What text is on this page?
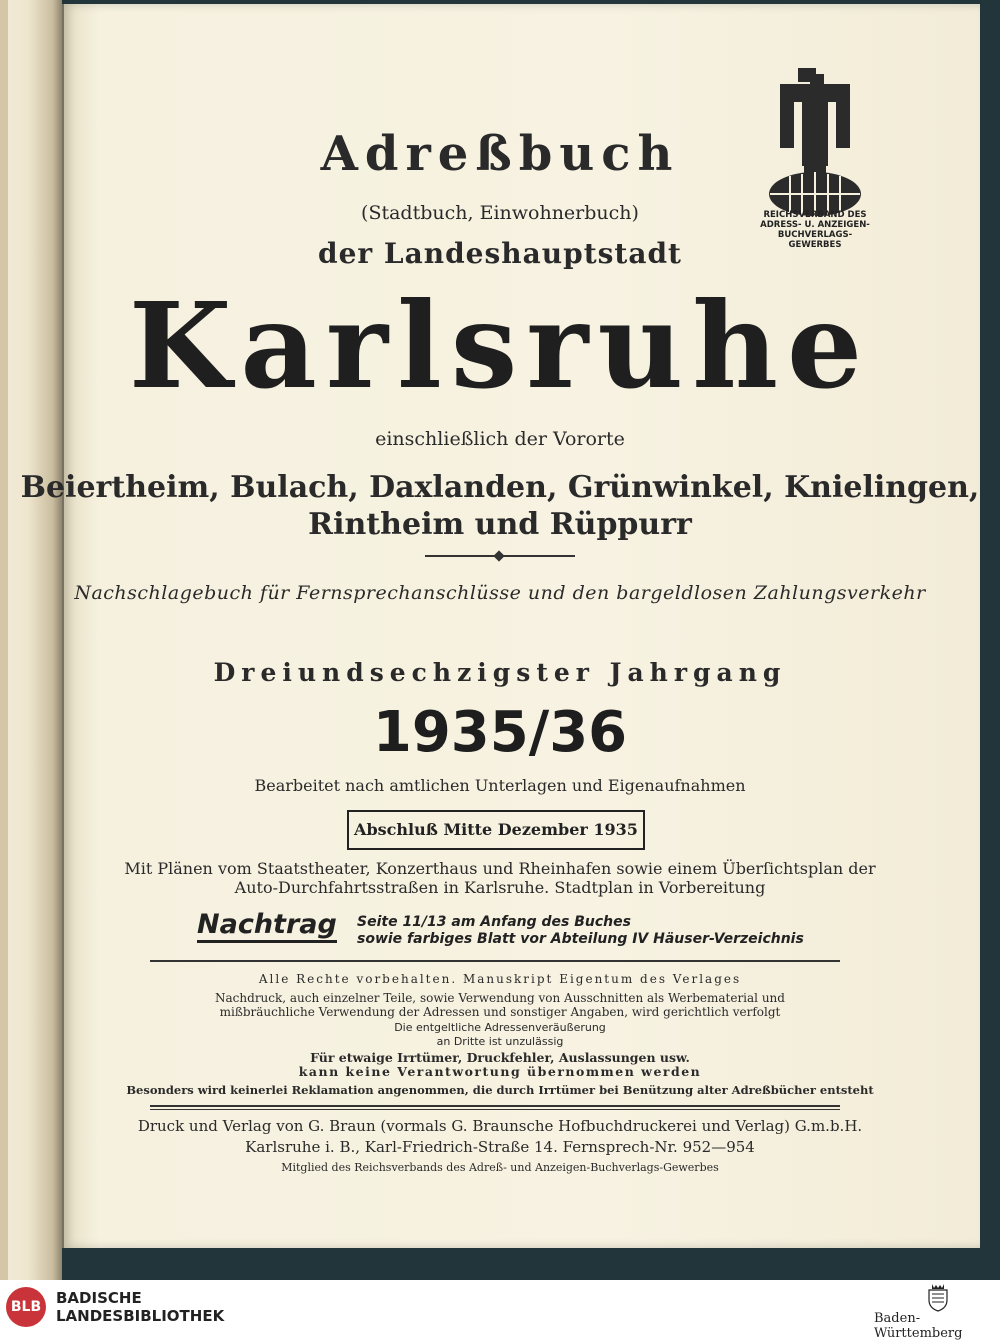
REICHSVERBAND DES
ADRESS- U. ANZEIGEN-
BUCHVERLAGS-
GEWERBES
Adreßbuch
(Stadtbuch, Einwohnerbuch)
der Landeshauptstadt
Karlsruhe
einschließlich der Vororte
Beiertheim, Bulach, Daxlanden, Grünwinkel, Knielingen,
Rintheim und Rüppurr
Nachschlagebuch für Fernsprechanschlüsse und den bargeldlosen Zahlungsverkehr
Dreiundsechzigster Jahrgang
1935/36
Bearbeitet nach amtlichen Unterlagen und Eigenaufnahmen
Abschluß Mitte Dezember 1935
Mit Plänen vom Staatstheater, Konzerthaus und Rheinhafen sowie einem Überſichtsplan der
Auto-Durchfahrtsstraßen in Karlsruhe. Stadtplan in Vorbereitung
Nachtrag Seite 11/13 am Anfang des Buches
sowie farbiges Blatt vor Abteilung IV Häuser-Verzeichnis
Alle Rechte vorbehalten. Manuskript Eigentum des Verlages
Nachdruck, auch einzelner Teile, sowie Verwendung von Ausschnitten als Werbematerial und
mißbräuchliche Verwendung der Adressen und sonstiger Angaben, wird gerichtlich verfolgt
Die entgeltliche Adressenveräußerung
an Dritte ist unzulässig
Für etwaige Irrtümer, Druckfehler, Auslassungen usw.
kann keine Verantwortung übernommen werden
Besonders wird keinerlei Reklamation angenommen, die durch Irrtümer bei Benützung alter Adreßbücher entsteht
Druck und Verlag von G. Braun (vormals G. Braunsche Hofbuchdruckerei und Verlag) G.m.b.H.
Karlsruhe i. B., Karl-Friedrich-Straße 14. Fernsprech-Nr. 952—954
Mitglied des Reichsverbands des Adreß- und Anzeigen-Buchverlags-Gewerbes
BLB BADISCHE
LANDESBIBLIOTHEK	Baden-Württemberg
